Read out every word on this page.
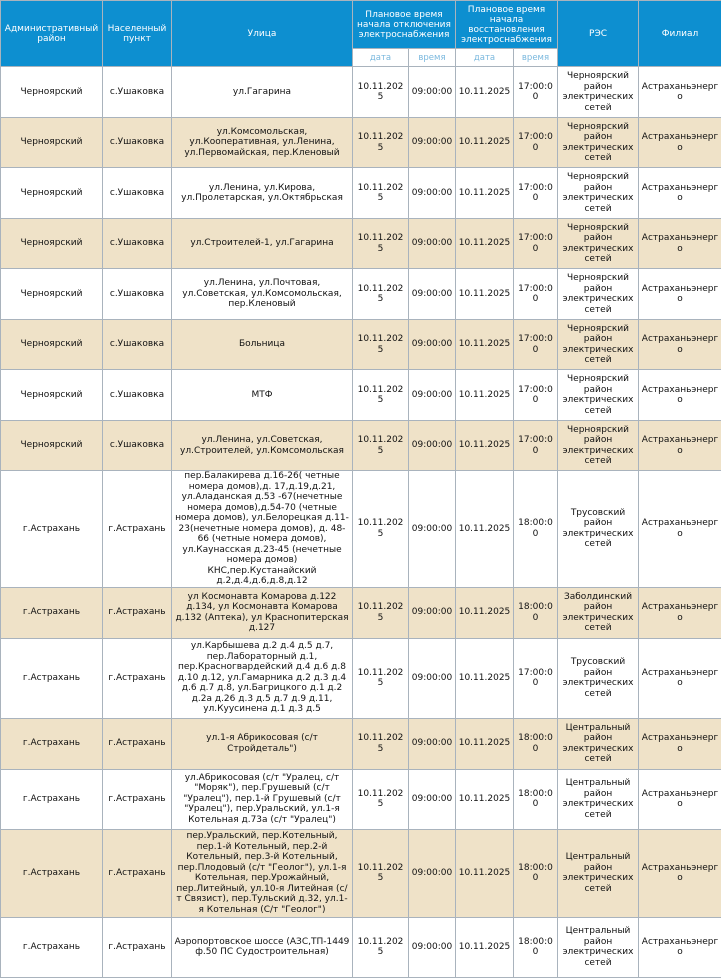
Административный район	Населенный пункт	Улица	Плановое время начала отключения электроснабжения		Плановое время начала восстановления электроснабжения		РЭС	Филиал
			дата	время	дата	время		
Черноярский	с.Ушаковка	ул.Гагарина	10.11.2025	09:00:00	10.11.2025	17:00:00	Черноярский район электрических сетей	Астраханьэнерго
Черноярский	с.Ушаковка	ул.Комсомольская, ул.Кооперативная, ул.Ленина, ул.Первомайская, пер.Кленовый	10.11.2025	09:00:00	10.11.2025	17:00:00	Черноярский район электрических сетей	Астраханьэнерго
Черноярский	с.Ушаковка	ул.Ленина, ул.Кирова, ул.Пролетарская, ул.Октябрьская	10.11.2025	09:00:00	10.11.2025	17:00:00	Черноярский район электрических сетей	Астраханьэнерго
Черноярский	с.Ушаковка	ул.Строителей-1, ул.Гагарина	10.11.2025	09:00:00	10.11.2025	17:00:00	Черноярский район электрических сетей	Астраханьэнерго
Черноярский	с.Ушаковка	ул.Ленина, ул.Почтовая, ул.Советская, ул.Комсомольская, пер.Кленовый	10.11.2025	09:00:00	10.11.2025	17:00:00	Черноярский район электрических сетей	Астраханьэнерго
Черноярский	с.Ушаковка	Больница	10.11.2025	09:00:00	10.11.2025	17:00:00	Черноярский район электрических сетей	Астраханьэнерго
Черноярский	с.Ушаковка	МТФ	10.11.2025	09:00:00	10.11.2025	17:00:00	Черноярский район электрических сетей	Астраханьэнерго
Черноярский	с.Ушаковка	ул.Ленина, ул.Советская, ул.Строителей, ул.Комсомольская	10.11.2025	09:00:00	10.11.2025	17:00:00	Черноярский район электрических сетей	Астраханьэнерго
г.Астрахань	г.Астрахань	пер.Балакирева д.16-26( четные номера домов),д. 17,д.19,д.21, ул.Аладанская д.53 -67(нечетные номера домов),д.54-70 (четные номера домов), ул.Белорецкая д.11-23(нечетные номера домов), д. 48-66 (четные номера домов), ул.Каунасская д.23-45 (нечетные номера домов) КНС,пер.Кустанайский д.2,д.4,д.6,д.8,д.12	10.11.2025	09:00:00	10.11.2025	18:00:00	Трусовский район электрических сетей	Астраханьэнерго
г.Астрахань	г.Астрахань	ул Космонавта Комарова д.122 д.134, ул Космонавта Комарова д.132 (Аптека), ул Краснопитерская д.127	10.11.2025	09:00:00	10.11.2025	18:00:00	Заболдинский район электрических сетей	Астраханьэнерго
г.Астрахань	г.Астрахань	ул.Карбышева д.2 д.4 д.5 д.7, пер.Лабораторный д.1, пер.Красногвардейский д.4 д.6 д.8 д.10 д.12, ул.Гамарника д.2 д.3 д.4 д.6 д.7 д.8, ул.Багрицкого д.1 д.2 д.2а д.26 д.3 д.5 д.7 д.9 д.11, ул.Куусинена д.1 д.3 д.5	10.11.2025	09:00:00	10.11.2025	17:00:00	Трусовский район электрических сетей	Астраханьэнерго
г.Астрахань	г.Астрахань	ул.1-я Абрикосовая (с/т Стройдеталь")	10.11.2025	09:00:00	10.11.2025	18:00:00	Центральный район электрических сетей	Астраханьэнерго
г.Астрахань	г.Астрахань	ул.Абрикосовая (с/т "Уралец, с/т "Моряк"), пер.Грушевый (с/т "Уралец"), пер.1-й Грушевый (с/т "Уралец"), пер.Уральский, ул.1-я Котельная д.73а (с/т "Уралец")	10.11.2025	09:00:00	10.11.2025	18:00:00	Центральный район электрических сетей	Астраханьэнерго
г.Астрахань	г.Астрахань	пер.Уральский, пер.Котельный, пер.1-й Котельный, пер.2-й Котельный, пер.3-й Котельный, пер.Плодовый (с/т "Геолог"), ул.1-я Котельная, пер.Урожайный, пер.Литейный, ул.10-я Литейная (с/т Связист), пер.Тульский д.32, ул.1-я Котельная (С/т "Геолог")	10.11.2025	09:00:00	10.11.2025	18:00:00	Центральный район электрических сетей	Астраханьэнерго
г.Астрахань	г.Астрахань	Аэропортовское шоссе (АЗС,ТП-1449 ф.50 ПС Судостроительная)	10.11.2025	09:00:00	10.11.2025	18:00:00	Центральный район электрических сетей	Астраханьэнерго
